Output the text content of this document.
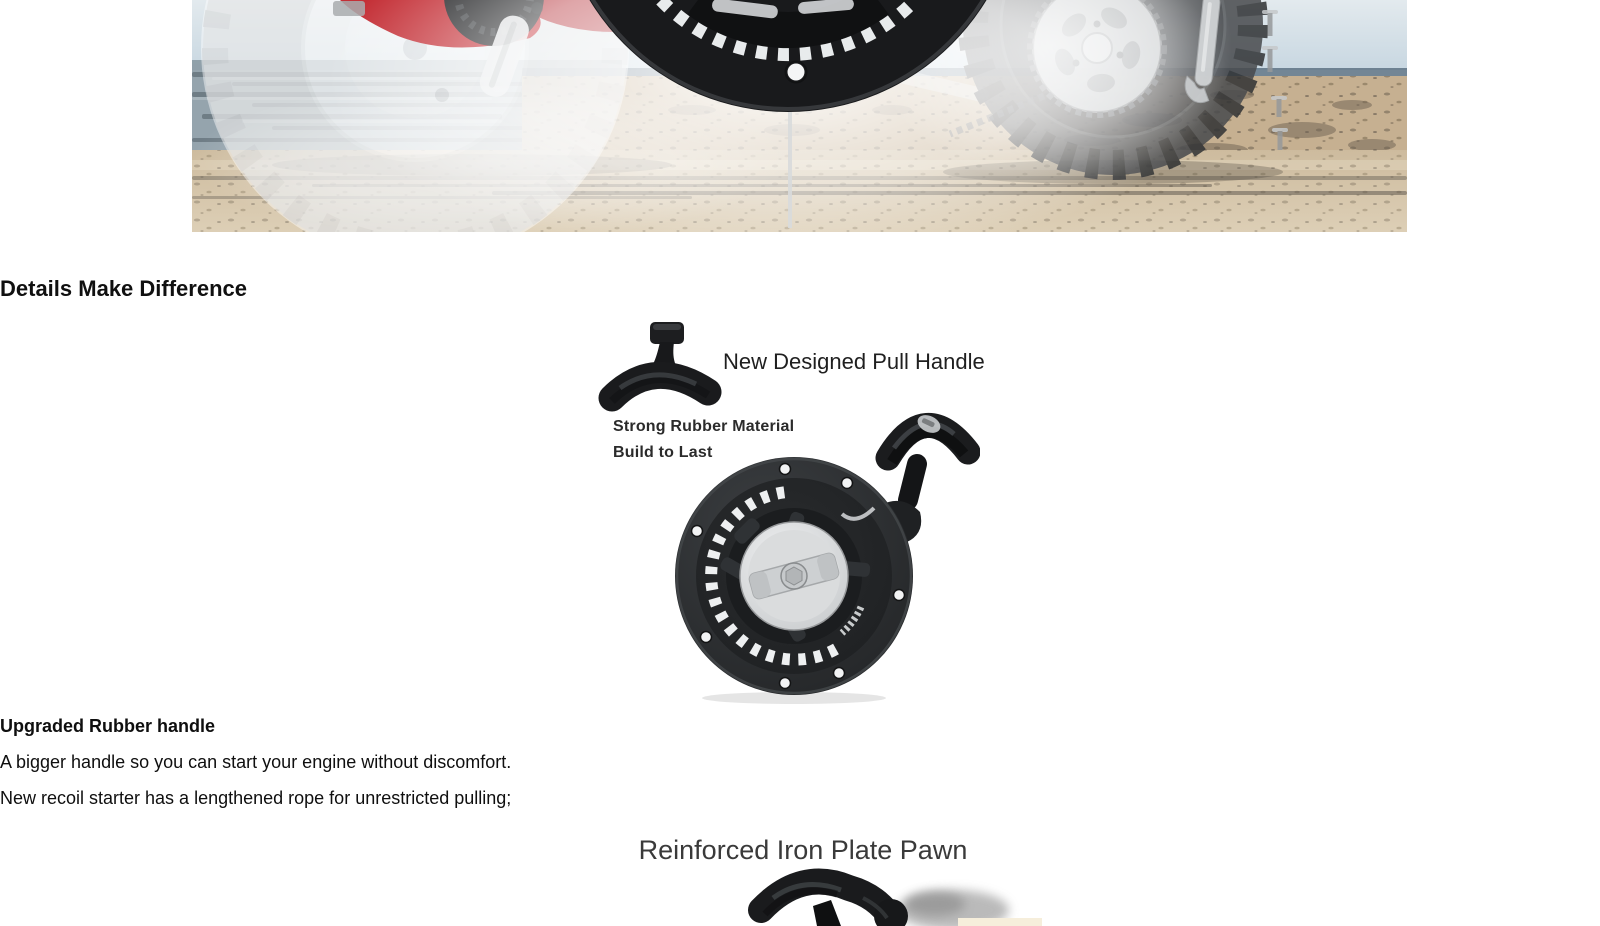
Details Make Difference
New Designed Pull Handle
Strong Rubber Material
Build to Last

Upgraded Rubber handle

A bigger handle so you can start your engine without discomfort.

New recoil starter has a lengthened rope for unrestricted pulling;

Reinforced Iron Plate Pawn
